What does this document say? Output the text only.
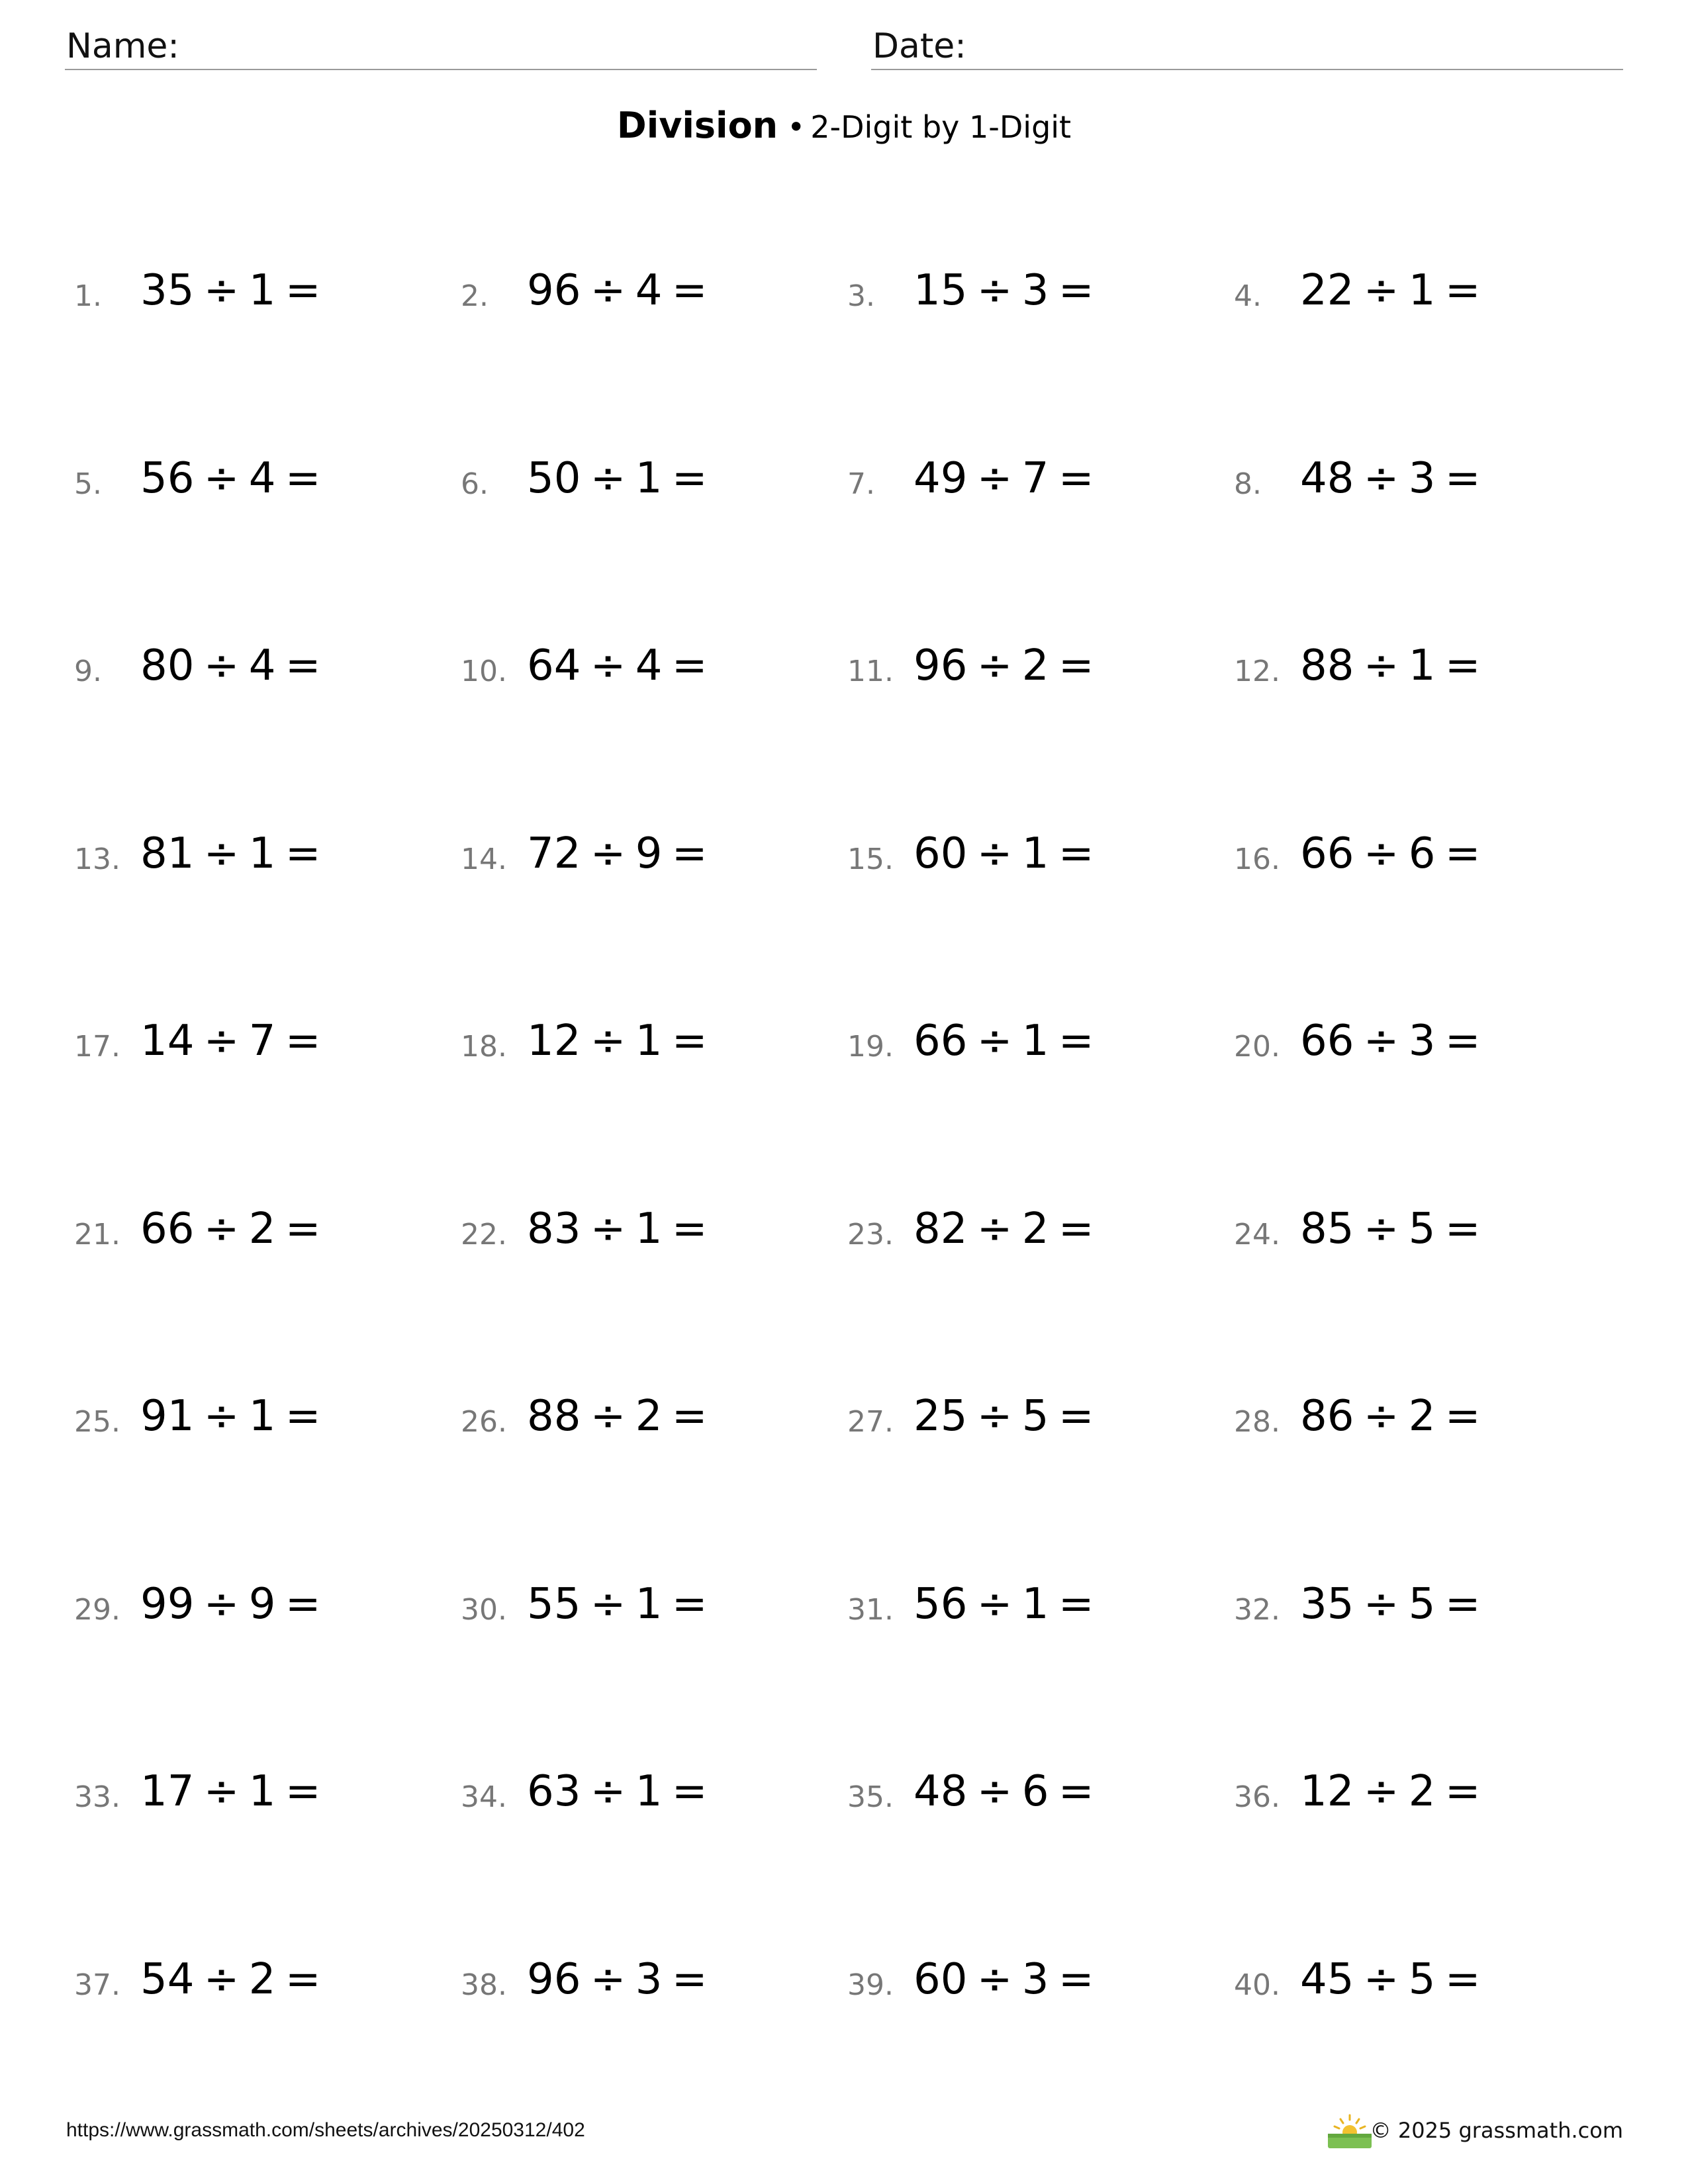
Name:	Date:
Division • 2-Digit by 1-Digit
1. 35 ÷ 1 =	2. 96 ÷ 4 =	3. 15 ÷ 3 =	4. 22 ÷ 1 =
5. 56 ÷ 4 =	6. 50 ÷ 1 =	7. 49 ÷ 7 =	8. 48 ÷ 3 =
9. 80 ÷ 4 =	10. 64 ÷ 4 =	11. 96 ÷ 2 =	12. 88 ÷ 1 =
13. 81 ÷ 1 =	14. 72 ÷ 9 =	15. 60 ÷ 1 =	16. 66 ÷ 6 =
17. 14 ÷ 7 =	18. 12 ÷ 1 =	19. 66 ÷ 1 =	20. 66 ÷ 3 =
21. 66 ÷ 2 =	22. 83 ÷ 1 =	23. 82 ÷ 2 =	24. 85 ÷ 5 =
25. 91 ÷ 1 =	26. 88 ÷ 2 =	27. 25 ÷ 5 =	28. 86 ÷ 2 =
29. 99 ÷ 9 =	30. 55 ÷ 1 =	31. 56 ÷ 1 =	32. 35 ÷ 5 =
33. 17 ÷ 1 =	34. 63 ÷ 1 =	35. 48 ÷ 6 =	36. 12 ÷ 2 =
37. 54 ÷ 2 =	38. 96 ÷ 3 =	39. 60 ÷ 3 =	40. 45 ÷ 5 =
https://www.grassmath.com/sheets/archives/20250312/402	© 2025 grassmath.com
